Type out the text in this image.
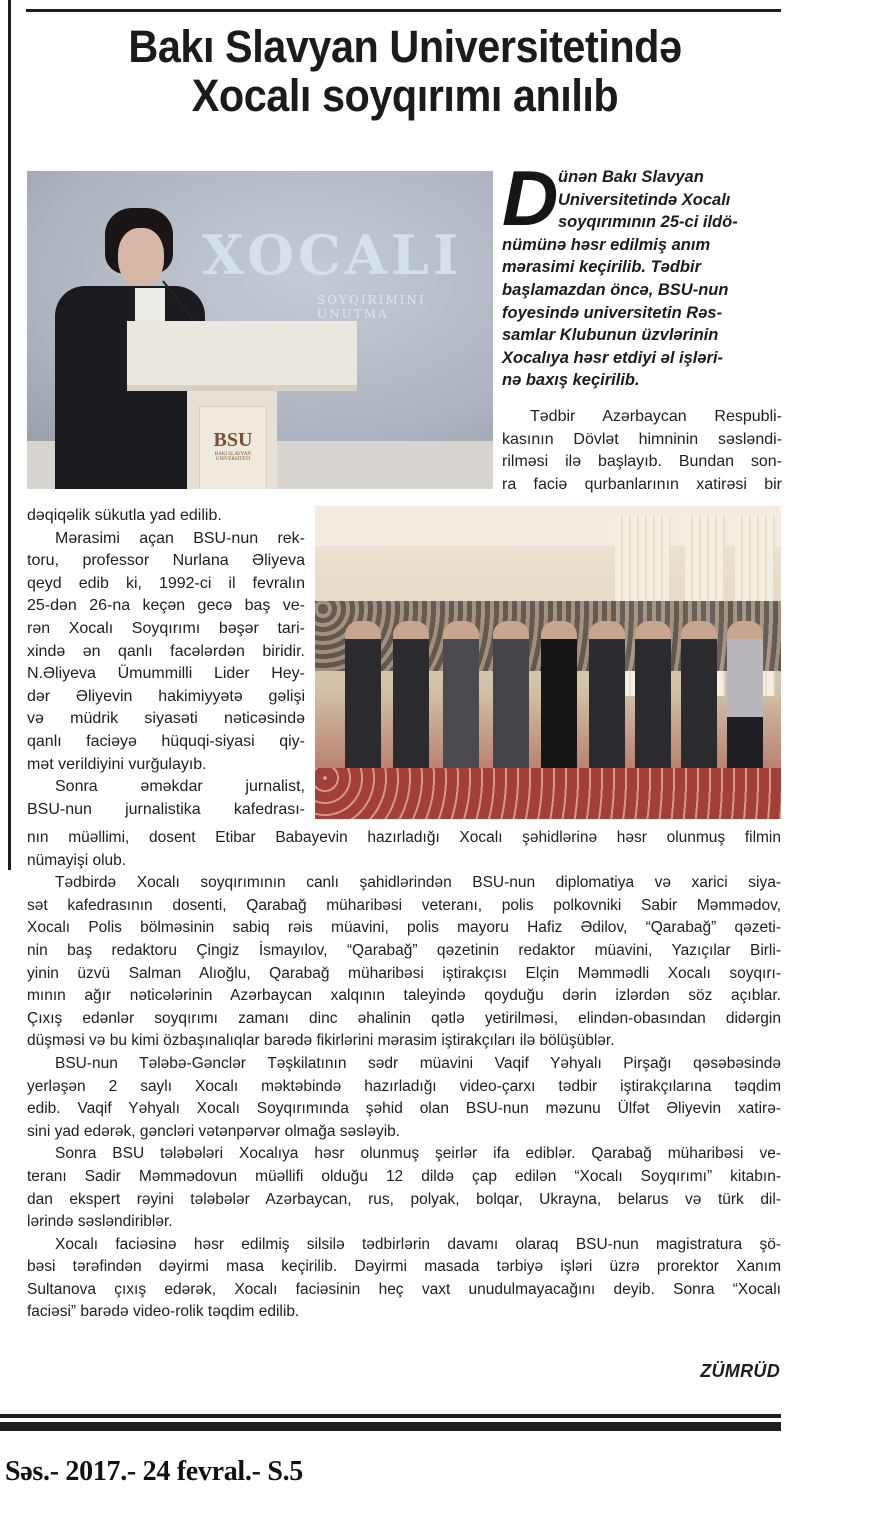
Bakı Slavyan Universitetində
Xocalı soyqırımı anılıb
XOCALI
SOYQIRIMINI UNUTMA
BSU
BAKI SLAVYAN UNIVERSITETI
D ünən Bakı Slavyan
Universitetində Xocalı
soyqırımının 25-ci ildö-
nümünə həsr edilmiş anım
mərasimi keçirilib. Tədbir
başlamazdan öncə, BSU-nun
foyesində universitetin Rəs-
samlar Klubunun üzvlərinin
Xocalıya həsr etdiyi əl işləri-
nə baxış keçirilib.
Tədbir Azərbaycan Respubli-
kasının Dövlət himninin səsləndi-
rilməsi ilə başlayıb. Bundan son-
ra faciə qurbanlarının xatirəsi bir
dəqiqəlik sükutla yad edilib.
Mərasimi açan BSU-nun rek-
toru, professor Nurlana Əliyeva
qeyd edib ki, 1992-ci il fevralın
25-dən 26-na keçən gecə baş ve-
rən Xocalı Soyqırımı bəşər tari-
xində ən qanlı facələrdən biridir.
N.Əliyeva Ümummilli Lider Hey-
dər Əliyevin hakimiyyətə gəlişi
və müdrik siyasəti nəticəsində
qanlı faciəyə hüquqi-siyasi qiy-
mət verildiyini vurğulayıb.
Sonra əməkdar jurnalist,
BSU-nun jurnalistika kafedrası-
nın müəllimi, dosent Etibar Babayevin hazırladığı Xocalı şəhidlərinə həsr olunmuş filmin
nümayişi olub.
Tədbirdə Xocalı soyqırımının canlı şahidlərindən BSU-nun diplomatiya və xarici siya-
sət kafedrasının dosenti, Qarabağ müharibəsi veteranı, polis polkovniki Sabir Məmmədov,
Xocalı Polis bölməsinin sabiq rəis müavini, polis mayoru Hafiz Ədilov, “Qarabağ” qəzeti-
nin baş redaktoru Çingiz İsmayılov, “Qarabağ” qəzetinin redaktor müavini, Yazıçılar Birli-
yinin üzvü Salman Alıoğlu, Qarabağ müharibəsi iştirakçısı Elçin Məmmədli Xocalı soyqırı-
mının ağır nəticələrinin Azərbaycan xalqının taleyində qoyduğu dərin izlərdən söz açıblar.
Çıxış edənlər soyqırımı zamanı dinc əhalinin qətlə yetirilməsi, elindən-obasından didərgin
düşməsi və bu kimi özbaşınalıqlar barədə fikirlərini mərasim iştirakçıları ilə bölüşüblər.
BSU-nun Tələbə-Gənclər Təşkilatının sədr müavini Vaqif Yəhyalı Pirşağı qəsəbəsində
yerləşən 2 saylı Xocalı məktəbində hazırladığı video-çarxı tədbir iştirakçılarına təqdim
edib. Vaqif Yəhyalı Xocalı Soyqırımında şəhid olan BSU-nun məzunu Ülfət Əliyevin xatirə-
sini yad edərək, gəncləri vətənpərvər olmağa səsləyib.
Sonra BSU tələbələri Xocalıya həsr olunmuş şeirlər ifa ediblər. Qarabağ müharibəsi ve-
teranı Sadir Məmmədovun müəllifi olduğu 12 dildə çap edilən “Xocalı Soyqırımı” kitabın-
dan ekspert rəyini tələbələr Azərbaycan, rus, polyak, bolqar, Ukrayna, belarus və türk dil-
lərində səsləndiriblər.
Xocalı faciəsinə həsr edilmiş silsilə tədbirlərin davamı olaraq BSU-nun magistratura şö-
bəsi tərəfindən dəyirmi masa keçirilib. Dəyirmi masada tərbiyə işləri üzrə prorektor Xanım
Sultanova çıxış edərək, Xocalı faciəsinin heç vaxt unudulmayacağını deyib. Sonra “Xocalı
faciəsi” barədə video-rolik təqdim edilib.
ZÜMRÜD
Səs.- 2017.- 24 fevral.- S.5
